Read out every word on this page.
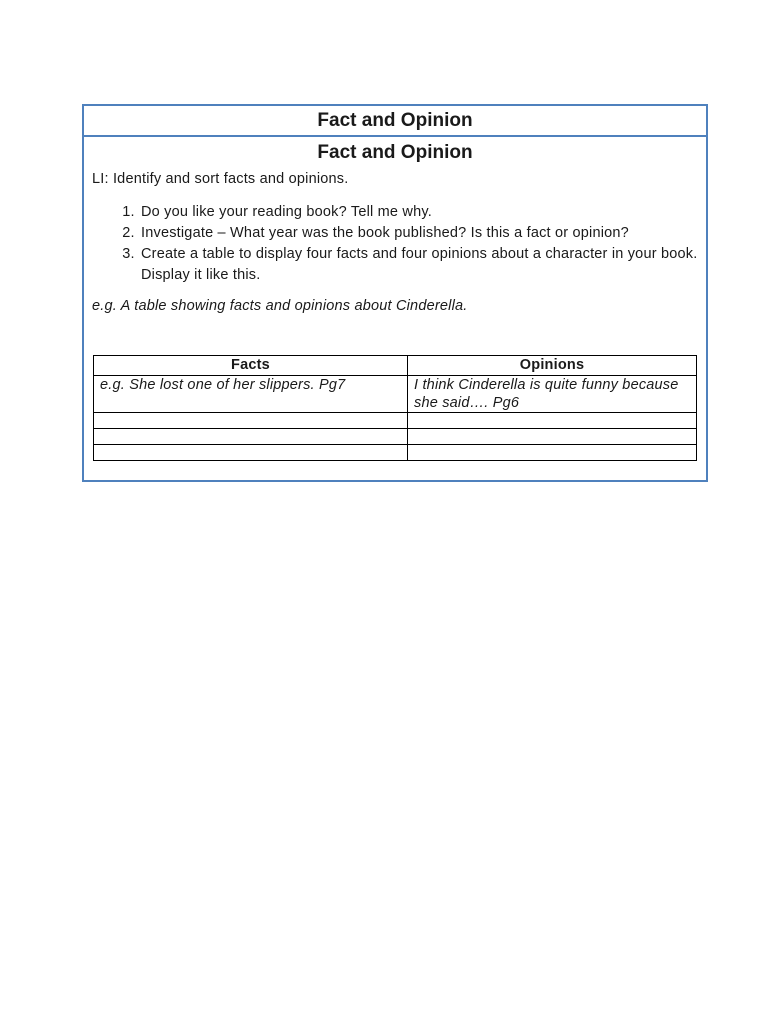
Fact and Opinion
Fact and Opinion
LI: Identify and sort facts and opinions.
1. Do you like your reading book? Tell me why.
2. Investigate – What year was the book published? Is this a fact or opinion?
3. Create a table to display four facts and four opinions about a character in your book. Display it like this.
e.g. A table showing facts and opinions about Cinderella.
Facts	Opinions
e.g. She lost one of her slippers. Pg7	I think Cinderella is quite funny because she said…. Pg6
